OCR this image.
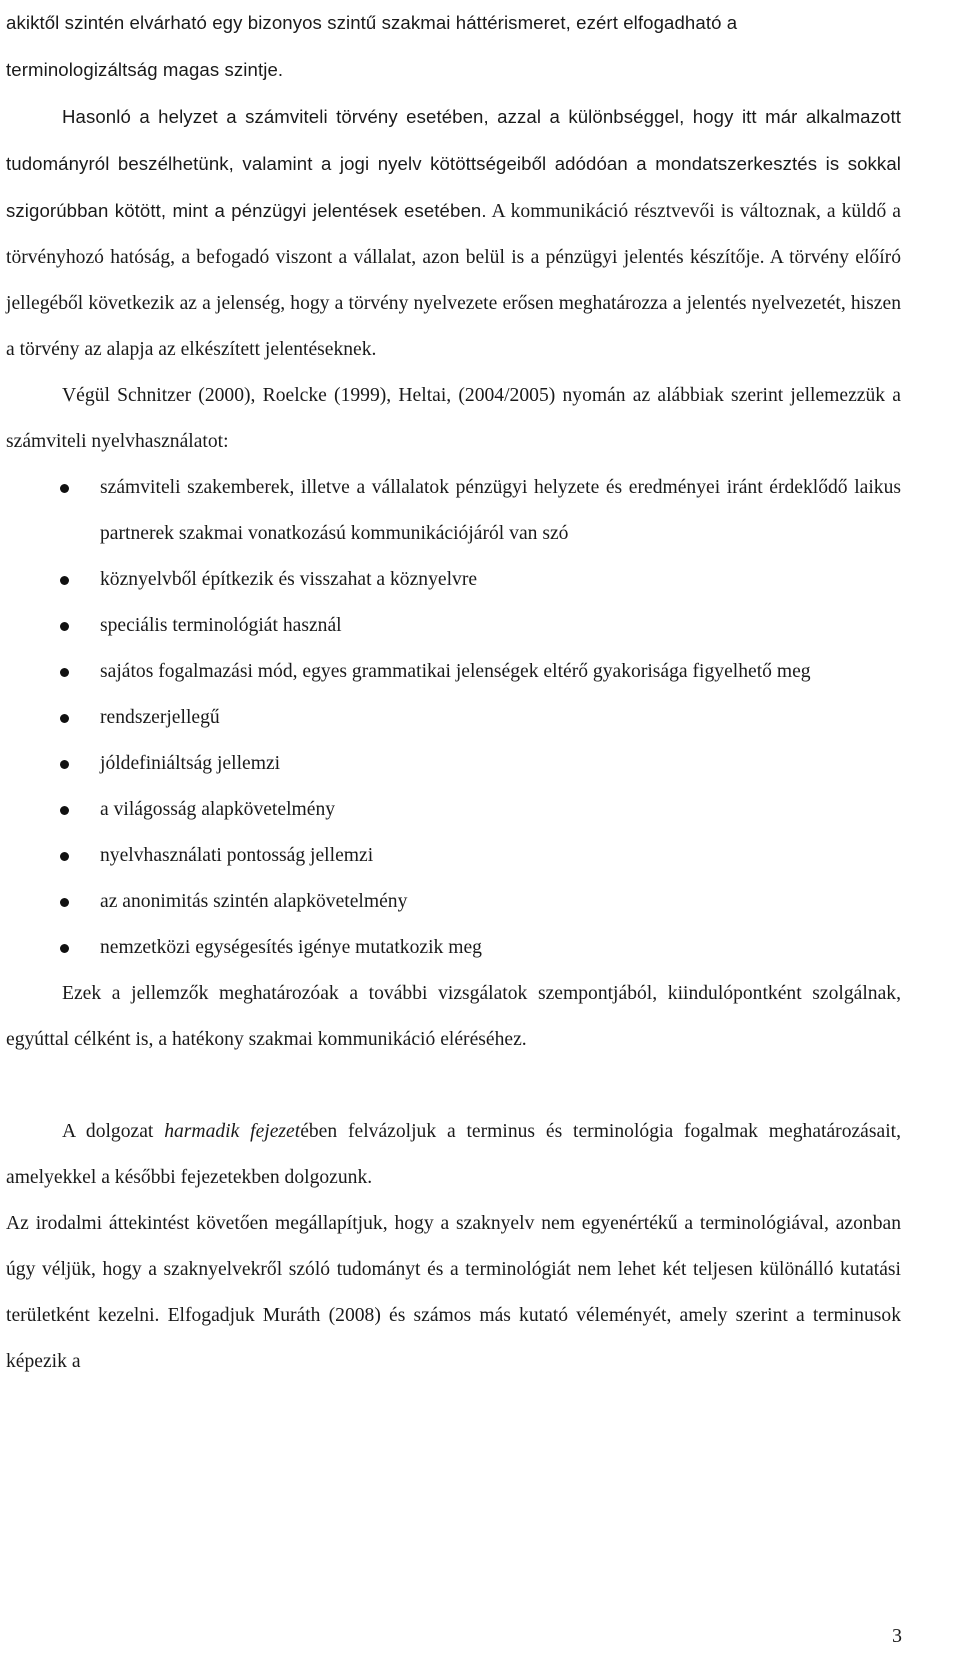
akiktől szintén elvárható egy bizonyos szintű szakmai háttérismeret, ezért elfogadható a

terminologizáltság magas szintje.

Hasonló a helyzet a számviteli törvény esetében, azzal a különbséggel, hogy itt már alkalmazott tudományról beszélhetünk, valamint a jogi nyelv kötöttségeiből adódóan a mondatszerkesztés is sokkal szigorúbban kötött, mint a pénzügyi jelentések esetében. A kommunikáció résztvevői is változnak, a küldő a törvényhozó hatóság, a befogadó viszont a vállalat, azon belül is a pénzügyi jelentés készítője. A törvény előíró jellegéből következik az a jelenség, hogy a törvény nyelvezete erősen meghatározza a jelentés nyelvezetét, hiszen a törvény az alapja az elkészített jelentéseknek.

Végül Schnitzer (2000), Roelcke (1999), Heltai, (2004/2005) nyomán az alábbiak szerint jellemezzük a számviteli nyelvhasználatot:

számviteli szakemberek, illetve a vállalatok pénzügyi helyzete és eredményei iránt érdeklődő laikus partnerek szakmai vonatkozású kommunikációjáról van szó
köznyelvből építkezik és visszahat a köznyelvre
speciális terminológiát használ
sajátos fogalmazási mód, egyes grammatikai jelenségek eltérő gyakorisága figyelhető meg
rendszerjellegű
jóldefiniáltság jellemzi
a világosság alapkövetelmény
nyelvhasználati pontosság jellemzi
az anonimitás szintén alapkövetelmény
nemzetközi egységesítés igénye mutatkozik meg

Ezek a jellemzők meghatározóak a további vizsgálatok szempontjából, kiindulópontként szolgálnak, egyúttal célként is, a hatékony szakmai kommunikáció eléréséhez.

A dolgozat harmadik fejezetében felvázoljuk a terminus és terminológia fogalmak meghatározásait, amelyekkel a későbbi fejezetekben dolgozunk.

Az irodalmi áttekintést követően megállapítjuk, hogy a szaknyelv nem egyenértékű a terminológiával, azonban úgy véljük, hogy a szaknyelvekről szóló tudományt és a terminológiát nem lehet két teljesen különálló kutatási területként kezelni. Elfogadjuk Muráth (2008) és számos más kutató véleményét, amely szerint a terminusok képezik a

3
